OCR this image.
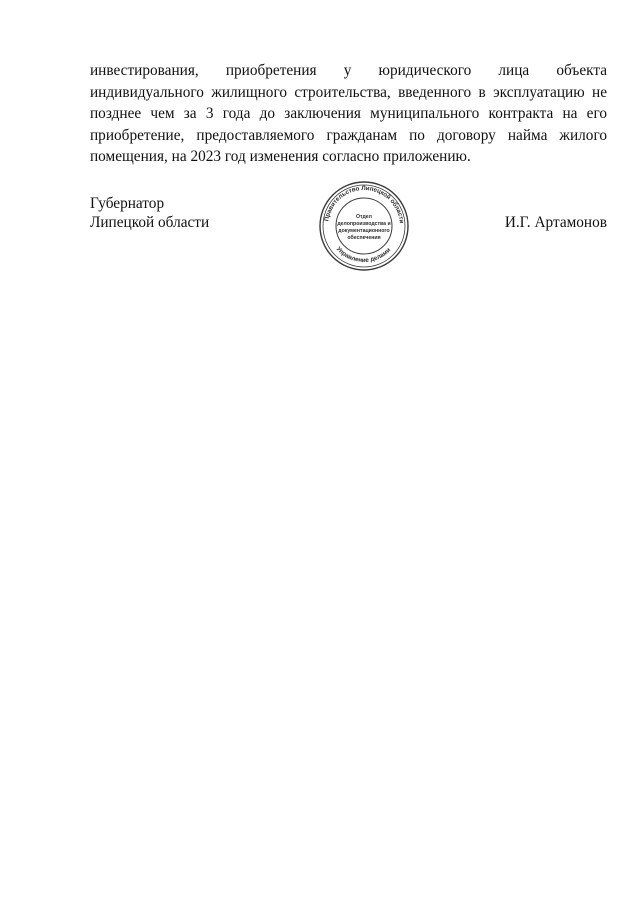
инвестирования, приобретения у юридического лица объекта индивидуального жилищного строительства, введенного в эксплуатацию не позднее чем за 3 года до заключения муниципального контракта на его приобретение, предоставляемого гражданам по договору найма жилого помещения, на 2023 год изменения согласно приложению.

Губернатор
Липецкой области	И.Г. Артамонов
Правительство Липецкой области
Управление делами
Отдел
делопроизводства и
документационного
обеспечения
